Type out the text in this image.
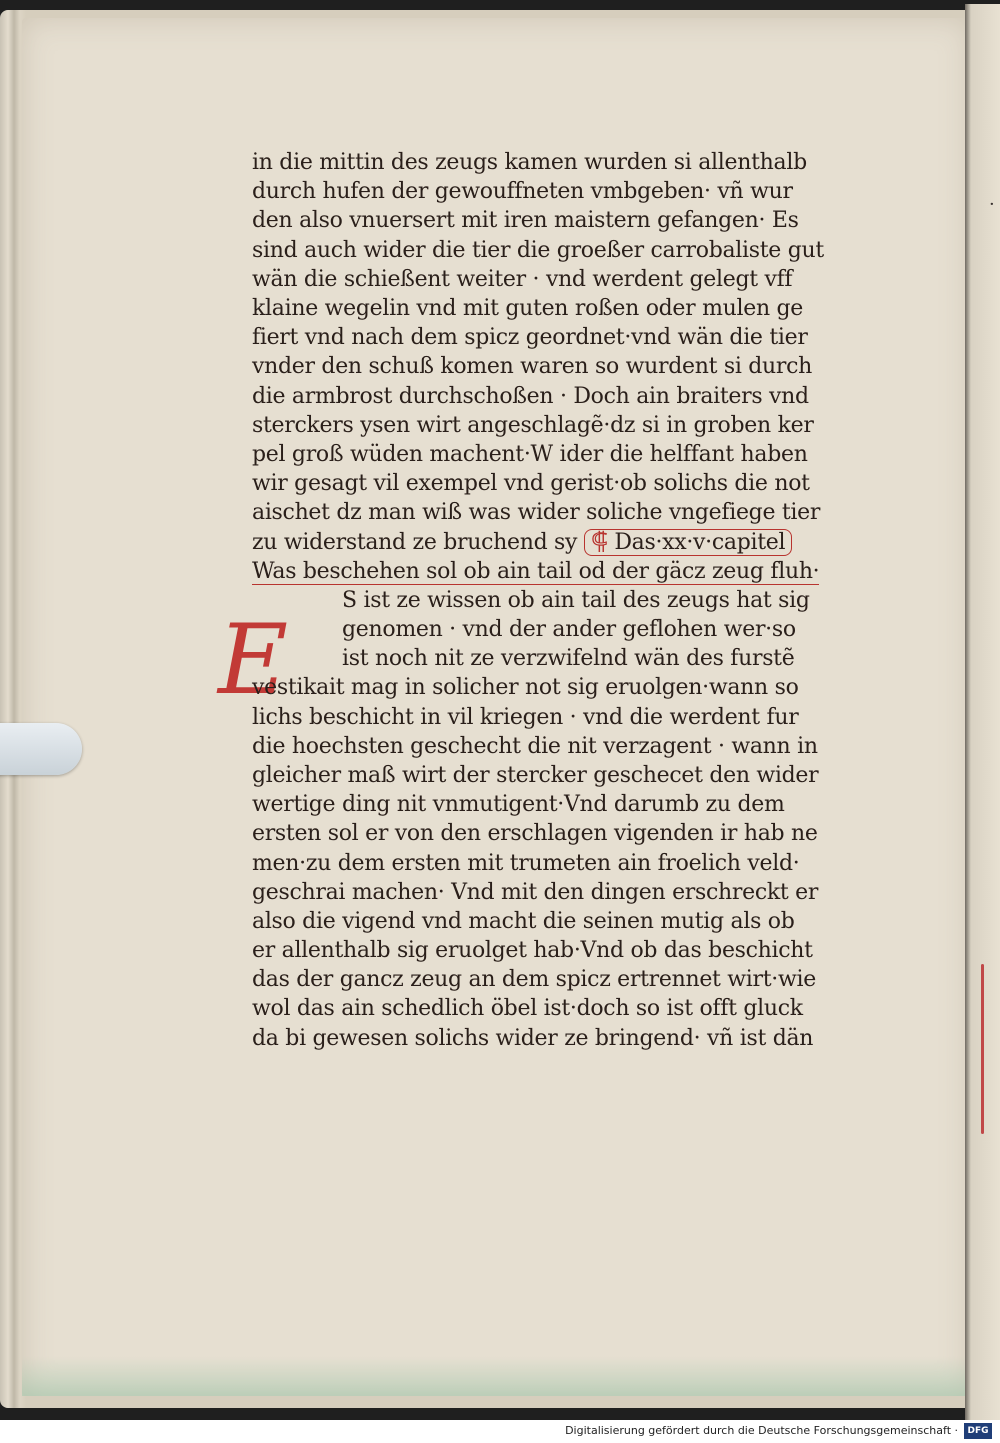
·
E
in die mittin des zeugs kamen wurden si allenthalb
durch hufen der gewouffneten vmbgeben· vñ wur
den also vnuersert mit iren maistern gefangen· Es
sind auch wider die tier die groeßer carrobaliste gut
wän die schießent weiter · vnd werdent gelegt vff
klaine wegelin vnd mit guten roßen oder mulen ge
fiert vnd nach dem spicz geordnet·vnd wän die tier
vnder den schuß komen waren so wurdent si durch
die armbrost durchschoßen · Doch ain braiters vnd
sterckers ysen wirt angeschlagẽ·dz si in groben ker
pel groß wüden machent·W ider die helffant haben
wir gesagt vil exempel vnd gerist·ob solichs die not
aischet dz man wiß was wider soliche vngefiege tier
zu widerstand ze bruchend sy ⸿ Das·xx·v·capitel
Was beschehen sol ob ain tail od der gäcz zeug fluh·
S ist ze wissen ob ain tail des zeugs hat sig
genomen · vnd der ander geflohen wer·so
ist noch nit ze verzwifelnd wän des furstẽ
vestikait mag in solicher not sig eruolgen·wann so
lichs beschicht in vil kriegen · vnd die werdent fur
die hoechsten geschecht die nit verzagent · wann in
gleicher maß wirt der stercker geschecet den wider
wertige ding nit vnmutigent·Vnd darumb zu dem
ersten sol er von den erschlagen vigenden ir hab ne
men·zu dem ersten mit trumeten ain froelich veld·
geschrai machen· Vnd mit den dingen erschreckt er
also die vigend vnd macht die seinen mutig als ob
er allenthalb sig eruolget hab·Vnd ob das beschicht
das der gancz zeug an dem spicz ertrennet wirt·wie
wol das ain schedlich öbel ist·doch so ist offt gluck
da bi gewesen solichs wider ze bringend· vñ ist dän
Digitalisierung gefördert durch die Deutsche Forschungsgemeinschaft ·	DFG
